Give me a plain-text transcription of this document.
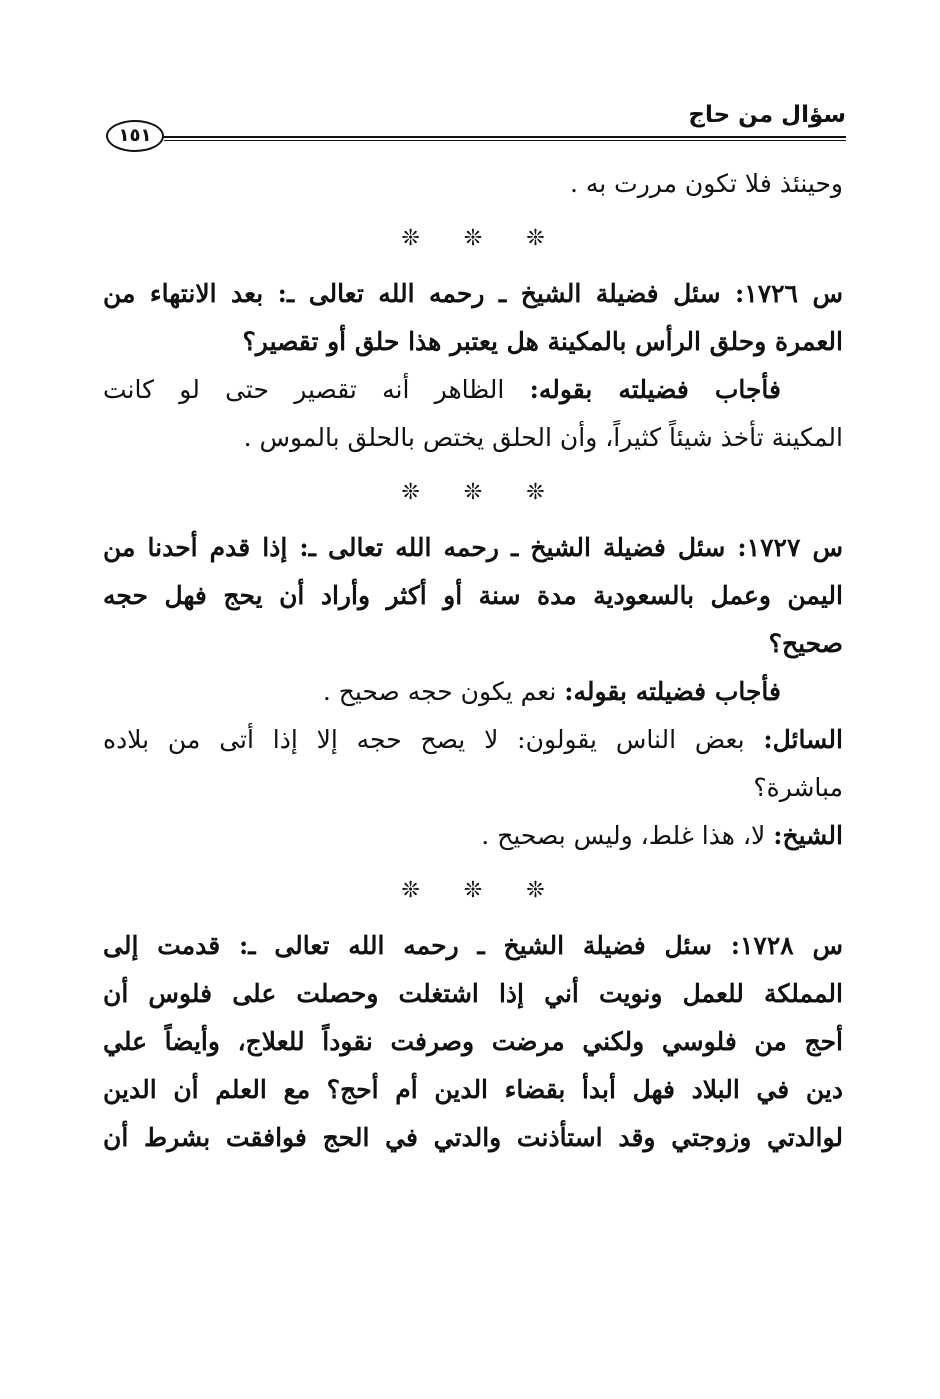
سؤال من حاج
١٥١
وحينئذ فلا تكون مررت به .
❊ ❊ ❊
س ١٧٢٦: سئل فضيلة الشيخ ـ رحمه الله تعالى ـ: بعد الانتهاء من
العمرة وحلق الرأس بالمكينة هل يعتبر هذا حلق أو تقصير؟
فأجاب فضيلته بقوله: الظاهر أنه تقصير حتى لو كانت
المكينة تأخذ شيئاً كثيراً، وأن الحلق يختص بالحلق بالموس .
❊ ❊ ❊
س ١٧٢٧: سئل فضيلة الشيخ ـ رحمه الله تعالى ـ: إذا قدم أحدنا من
اليمن وعمل بالسعودية مدة سنة أو أكثر وأراد أن يحج فهل حجه
صحيح؟
فأجاب فضيلته بقوله: نعم يكون حجه صحيح .
السائل: بعض الناس يقولون: لا يصح حجه إلا إذا أتى من بلاده
مباشرة؟
الشيخ: لا، هذا غلط، وليس بصحيح .
❊ ❊ ❊
س ١٧٢٨: سئل فضيلة الشيخ ـ رحمه الله تعالى ـ: قدمت إلى
المملكة للعمل ونويت أني إذا اشتغلت وحصلت على فلوس أن
أحج من فلوسي ولكني مرضت وصرفت نقوداً للعلاج، وأيضاً علي
دين في البلاد فهل أبدأ بقضاء الدين أم أحج؟ مع العلم أن الدين
لوالدتي وزوجتي وقد استأذنت والدتي في الحج فوافقت بشرط أن
